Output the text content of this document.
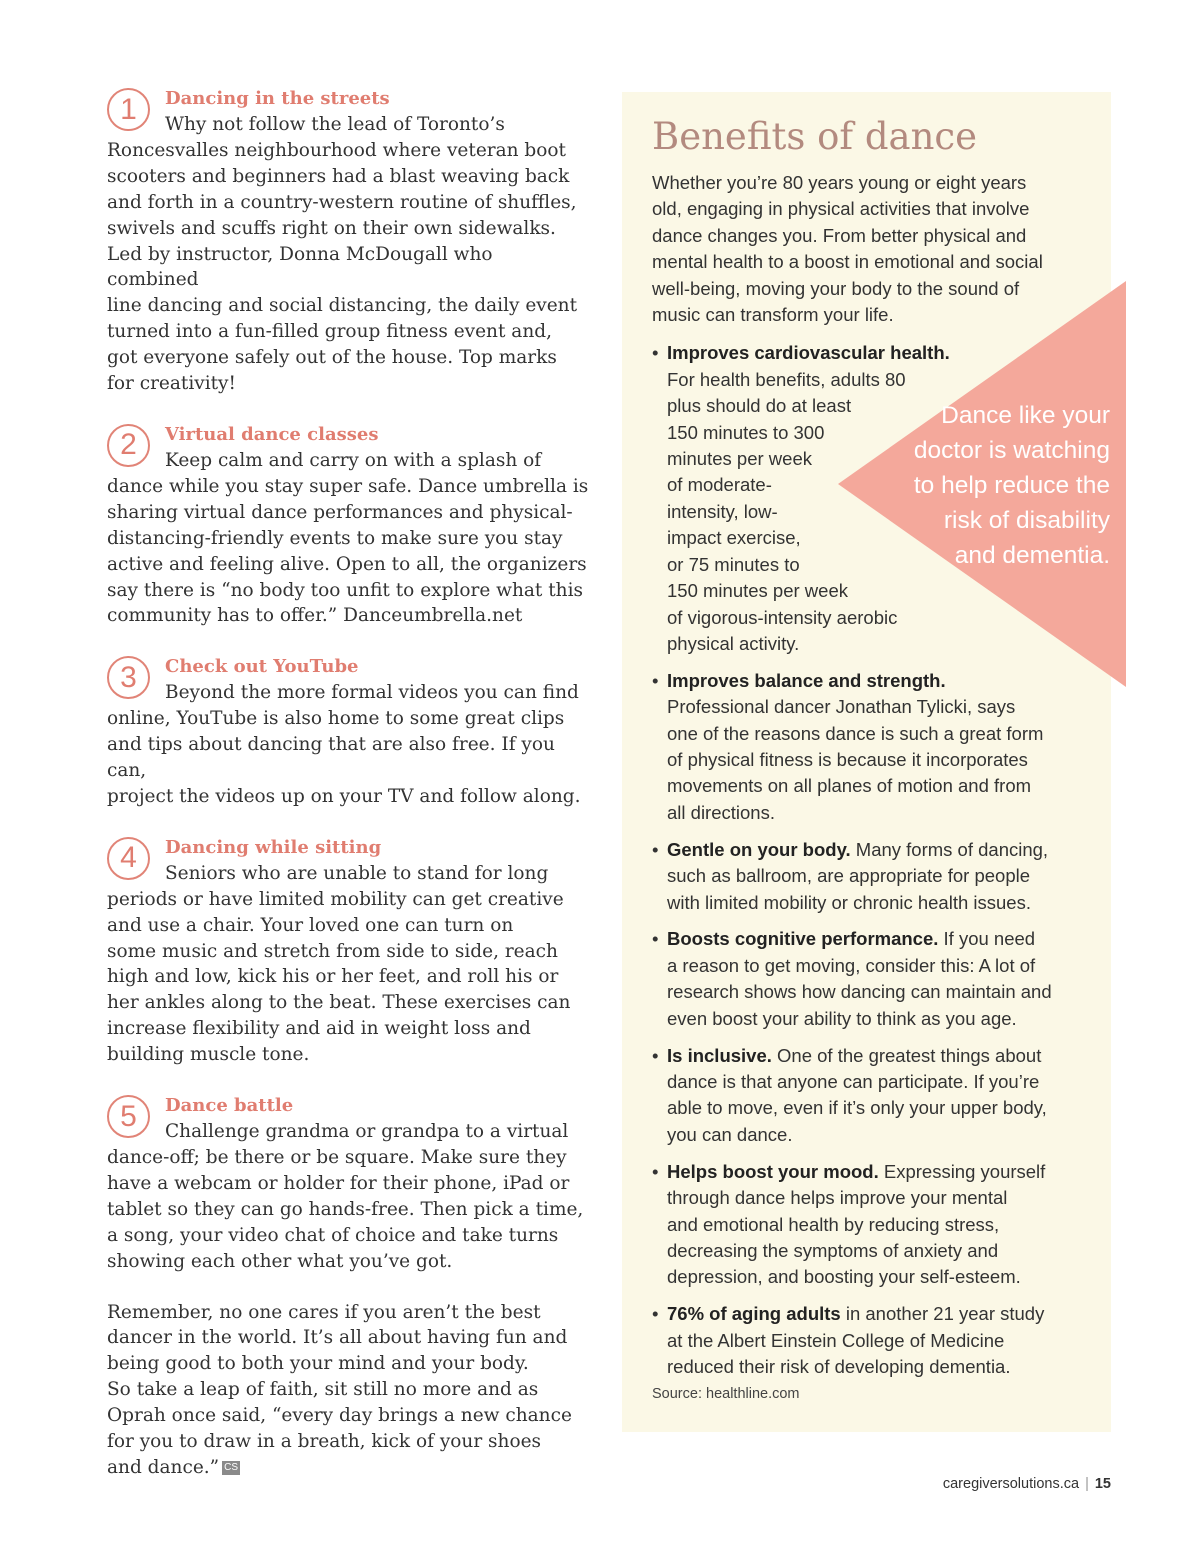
1	Dancing in the streets

Why not follow the lead of Toronto’s
Roncesvalles neighbourhood where veteran boot
scooters and beginners had a blast weaving back
and forth in a country-western routine of shuffles,
swivels and scuffs right on their own sidewalks.
Led by instructor, Donna McDougall who combined
line dancing and social distancing, the daily event
turned into a fun-filled group fitness event and,
got everyone safely out of the house. Top marks
for creativity!

2	Virtual dance classes

Keep calm and carry on with a splash of
dance while you stay super safe. Dance umbrella is
sharing virtual dance performances and physical-
distancing-friendly events to make sure you stay
active and feeling alive. Open to all, the organizers
say there is “no body too unfit to explore what this
community has to offer.” Danceumbrella.net

3	Check out YouTube

Beyond the more formal videos you can find
online, YouTube is also home to some great clips
and tips about dancing that are also free. If you can,
project the videos up on your TV and follow along.

4	Dancing while sitting

Seniors who are unable to stand for long
periods or have limited mobility can get creative
and use a chair. Your loved one can turn on
some music and stretch from side to side, reach
high and low, kick his or her feet, and roll his or
her ankles along to the beat. These exercises can
increase flexibility and aid in weight loss and
building muscle tone.

5	Dance battle

Challenge grandma or grandpa to a virtual
dance-off; be there or be square. Make sure they
have a webcam or holder for their phone, iPad or
tablet so they can go hands-free. Then pick a time,
a song, your video chat of choice and take turns
showing each other what you’ve got.

Remember, no one cares if you aren’t the best
dancer in the world. It’s all about having fun and
being good to both your mind and your body.
So take a leap of faith, sit still no more and as
Oprah once said, “every day brings a new chance
for you to draw in a breath, kick of your shoes
and dance.” CS

Benefits of dance

Whether you’re 80 years young or eight years
old, engaging in physical activities that involve
dance changes you. From better physical and
mental health to a boost in emotional and social
well-being, moving your body to the sound of
music can transform your life.

• Improves cardiovascular health.
For health benefits, adults 80
plus should do at least
150 minutes to 300
minutes per week
of moderate-
intensity, low-
impact exercise,
or 75 minutes to
150 minutes per week
of vigorous-intensity aerobic
physical activity.

• Improves balance and strength.
Professional dancer Jonathan Tylicki, says
one of the reasons dance is such a great form
of physical fitness is because it incorporates
movements on all planes of motion and from
all directions.

• Gentle on your body. Many forms of dancing,
such as ballroom, are appropriate for people
with limited mobility or chronic health issues.

• Boosts cognitive performance. If you need
a reason to get moving, consider this: A lot of
research shows how dancing can maintain and
even boost your ability to think as you age.

• Is inclusive. One of the greatest things about
dance is that anyone can participate. If you’re
able to move, even if it’s only your upper body,
you can dance.

• Helps boost your mood. Expressing yourself
through dance helps improve your mental
and emotional health by reducing stress,
decreasing the symptoms of anxiety and
depression, and boosting your self-esteem.

• 76% of aging adults in another 21 year study
at the Albert Einstein College of Medicine
reduced their risk of developing dementia.

Source: healthline.com
Dance like your
doctor is watching
to help reduce the
risk of disability
and dementia.
caregiversolutions.ca | 15
